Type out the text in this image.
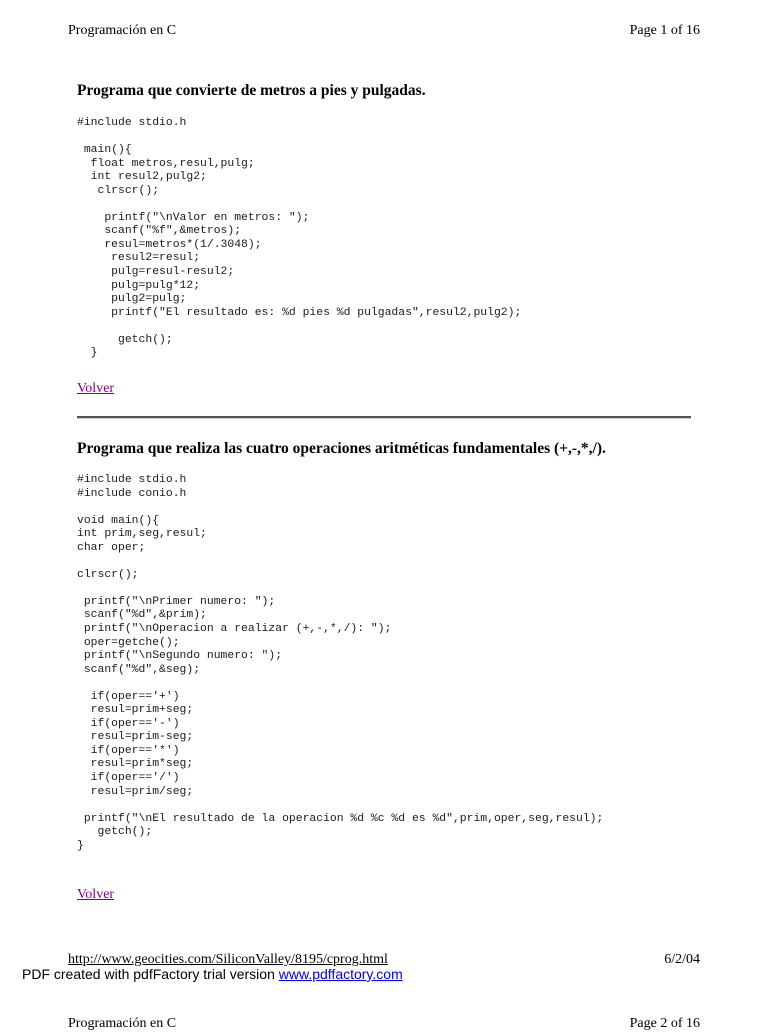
Programación en C	Page 1 of 16
Programa que convierte de metros a pies y pulgadas.
#include stdio.h

main(){
float metros,resul,pulg;
int resul2,pulg2;
clrscr();

printf("\nValor en metros: ");
scanf("%f",&metros);
resul=metros*(1/.3048);
resul2=resul;
pulg=resul-resul2;
pulg=pulg*12;
pulg2=pulg;
printf("El resultado es: %d pies %d pulgadas",resul2,pulg2);

getch();
}
Volver
Programa que realiza las cuatro operaciones aritméticas fundamentales (+,-,*,/).
#include stdio.h
#include conio.h

void main(){
int prim,seg,resul;
char oper;

clrscr();

printf("\nPrimer numero: ");
scanf("%d",&prim);
printf("\nOperacion a realizar (+,-,*,/): ");
oper=getche();
printf("\nSegundo numero: ");
scanf("%d",&seg);

if(oper=='+')
resul=prim+seg;
if(oper=='-')
resul=prim-seg;
if(oper=='*')
resul=prim*seg;
if(oper=='/')
resul=prim/seg;

printf("\nEl resultado de la operacion %d %c %d es %d",prim,oper,seg,resul);
getch();
}
Volver
http://www.geocities.com/SiliconValley/8195/cprog.html	6/2/04
PDF created with pdfFactory trial version www.pdffactory.com
Programación en C	Page 2 of 16
